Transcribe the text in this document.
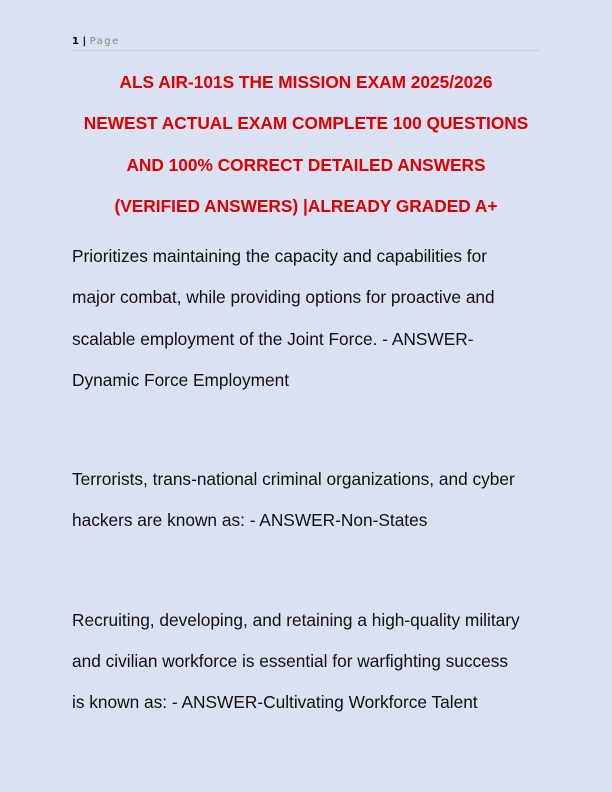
1 | Page
ALS AIR-101S THE MISSION EXAM 2025/2026
NEWEST ACTUAL EXAM COMPLETE 100 QUESTIONS
AND 100% CORRECT DETAILED ANSWERS
(VERIFIED ANSWERS) |ALREADY GRADED A+

Prioritizes maintaining the capacity and capabilities for
major combat, while providing options for proactive and
scalable employment of the Joint Force. - ANSWER-
Dynamic Force Employment

Terrorists, trans-national criminal organizations, and cyber
hackers are known as: - ANSWER-Non-States

Recruiting, developing, and retaining a high-quality military
and civilian workforce is essential for warfighting success
is known as: - ANSWER-Cultivating Workforce Talent
